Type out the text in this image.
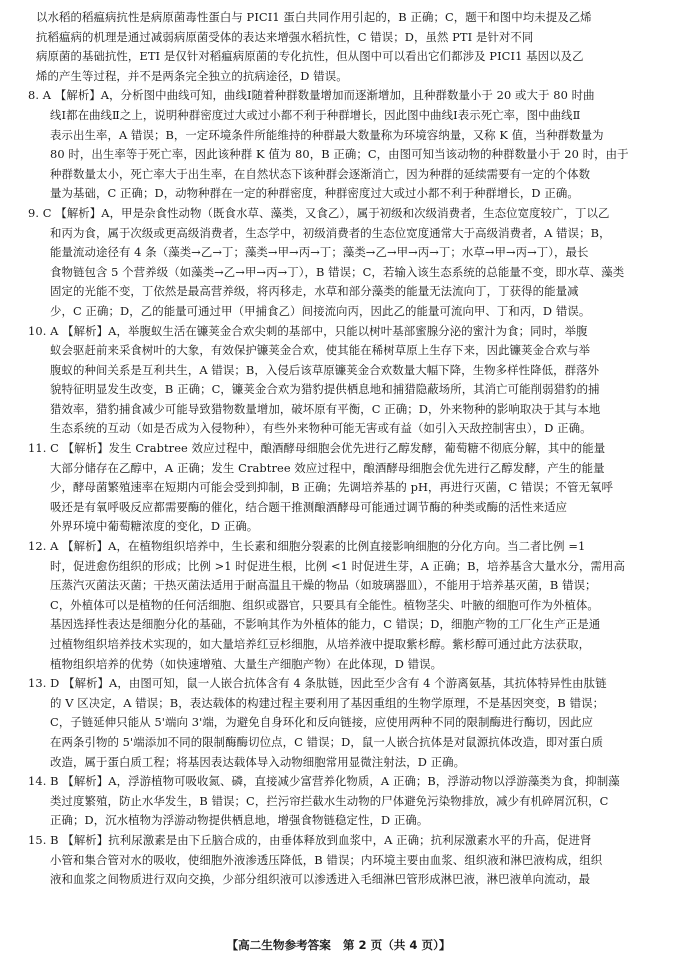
以水稻的稻瘟病抗性是病原菌毒性蛋白与 PICI1 蛋白共同作用引起的，B 正确；C，题干和图中均未提及乙烯
抗稻瘟病的机理是通过减弱病原菌受体的表达来增强水稻抗性，C 错误；D，虽然 PTI 是针对不同
病原菌的基础抗性，ETI 是仅针对稻瘟病原菌的专化抗性，但从图中可以看出它们都涉及 PICI1 基因以及乙
烯的产生等过程，并不是两条完全独立的抗病途径，D 错误。
8. A 【解析】A，分析图中曲线可知，曲线Ⅰ随着种群数量增加而逐渐增加，且种群数量小于 20 或大于 80 时曲
线Ⅰ都在曲线Ⅱ之上，说明种群密度过大或过小都不利于种群增长，因此图中曲线Ⅰ表示死亡率，图中曲线Ⅱ
表示出生率，A 错误；B，一定环境条件所能维持的种群最大数量称为环境容纳量，又称 K 值，当种群数量为
80 时，出生率等于死亡率，因此该种群 K 值为 80，B 正确；C，由图可知当该动物的种群数量小于 20 时，由于
种群数量太小，死亡率大于出生率，在自然状态下该种群会逐渐消亡，因为种群的延续需要有一定的个体数
量为基础，C 正确；D，动物种群在一定的种群密度，种群密度过大或过小都不利于种群增长，D 正确。
9. C 【解析】A，甲是杂食性动物（既食水草、藻类，又食乙），属于初级和次级消费者，生态位宽度较广，丁以乙
和丙为食，属于次级或更高级消费者，生态学中，初级消费者的生态位宽度通常大于高级消费者，A 错误；B，
能量流动途径有 4 条（藻类→乙→丁；藻类→甲→丙→丁；藻类→乙→甲→丙→丁；水草→甲→丙→丁），最长
食物链包含 5 个营养级（如藻类→乙→甲→丙→丁），B 错误；C，若输入该生态系统的总能量不变，即水草、藻类
固定的光能不变，丁依然是最高营养级，将丙移走，水草和部分藻类的能量无法流向丁，丁获得的能量减
少，C 正确；D，乙的能量可通过甲（甲捕食乙）间接流向丙，因此乙的能量可流向甲、丁和丙，D 错误。
10. A 【解析】A，举腹蚁生活在镰荚金合欢尖刺的基部中，只能以树叶基部蜜腺分泌的蜜汁为食；同时，举腹
蚁会驱赶前来采食树叶的大象，有效保护镰荚金合欢，使其能在稀树草原上生存下来，因此镰荚金合欢与举
腹蚁的种间关系是互利共生，A 错误；B，入侵后该草原镰荚金合欢数量大幅下降，生物多样性降低，群落外
貌特征明显发生改变，B 正确；C，镰荚金合欢为猎豹提供栖息地和捕猎隐蔽场所，其消亡可能削弱猎豹的捕
猎效率，猎豹捕食减少可能导致猎物数量增加，破坏原有平衡，C 正确；D，外来物种的影响取决于其与本地
生态系统的互动（如是否成为入侵物种），有些外来物种可能无害或有益（如引入天敌控制害虫），D 正确。
11. C 【解析】发生 Crabtree 效应过程中，酿酒酵母细胞会优先进行乙醇发酵，葡萄糖不彻底分解，其中的能量
大部分储存在乙醇中，A 正确；发生 Crabtree 效应过程中，酿酒酵母细胞会优先进行乙醇发酵，产生的能量
少，酵母菌繁殖速率在短期内可能会受到抑制，B 正确；先调培养基的 pH，再进行灭菌，C 错误；不管无氧呼
吸还是有氧呼吸反应都需要酶的催化，结合题干推测酿酒酵母可能通过调节酶的种类或酶的活性来适应
外界环境中葡萄糖浓度的变化，D 正确。
12. A 【解析】A，在植物组织培养中，生长素和细胞分裂素的比例直接影响细胞的分化方向。当二者比例 =1
时，促进愈伤组织的形成；比例 >1 时促进生根，比例 <1 时促进生芽，A 正确；B，培养基含大量水分，需用高
压蒸汽灭菌法灭菌；干热灭菌法适用于耐高温且干燥的物品（如玻璃器皿），不能用于培养基灭菌，B 错误；
C，外植体可以是植物的任何活细胞、组织或器官，只要具有全能性。植物茎尖、叶腋的细胞可作为外植体。
基因选择性表达是细胞分化的基础，不影响其作为外植体的能力，C 错误；D，细胞产物的工厂化生产正是通
过植物组织培养技术实现的，如大量培养红豆杉细胞，从培养液中提取紫杉醇。紫杉醇可通过此方法获取，
植物组织培养的优势（如快速增殖、大量生产细胞产物）在此体现，D 错误。
13. D 【解析】A，由图可知，鼠一人嵌合抗体含有 4 条肽链，因此至少含有 4 个游离氨基，其抗体特异性由肽链
的 V 区决定，A 错误；B，表达载体的构建过程主要利用了基因重组的生物学原理，不是基因突变，B 错误；
C，子链延伸只能从 5'端向 3'端，为避免自身环化和反向链接，应使用两种不同的限制酶进行酶切，因此应
在两条引物的 5'端添加不同的限制酶酶切位点，C 错误；D，鼠一人嵌合抗体是对鼠源抗体改造，即对蛋白质
改造，属于蛋白质工程；将基因表达载体导入动物细胞常用显微注射法，D 正确。
14. B 【解析】A，浮游植物可吸收氮、磷，直接减少富营养化物质，A 正确；B，浮游动物以浮游藻类为食，抑制藻
类过度繁殖，防止水华发生，B 错误；C，拦污帘拦截水生动物的尸体避免污染物排放，减少有机碎屑沉积，C
正确；D，沉水植物为浮游动物提供栖息地，增强食物链稳定性，D 正确。
15. B 【解析】抗利尿激素是由下丘脑合成的，由垂体释放到血浆中，A 正确；抗利尿激素水平的升高，促进肾
小管和集合管对水的吸收，使细胞外液渗透压降低，B 错误；内环境主要由血浆、组织液和淋巴液构成，组织
液和血浆之间物质进行双向交换，少部分组织液可以渗透进入毛细淋巴管形成淋巴液，淋巴液单向流动，最
【高二生物参考答案 第 2 页（共 4 页）】
